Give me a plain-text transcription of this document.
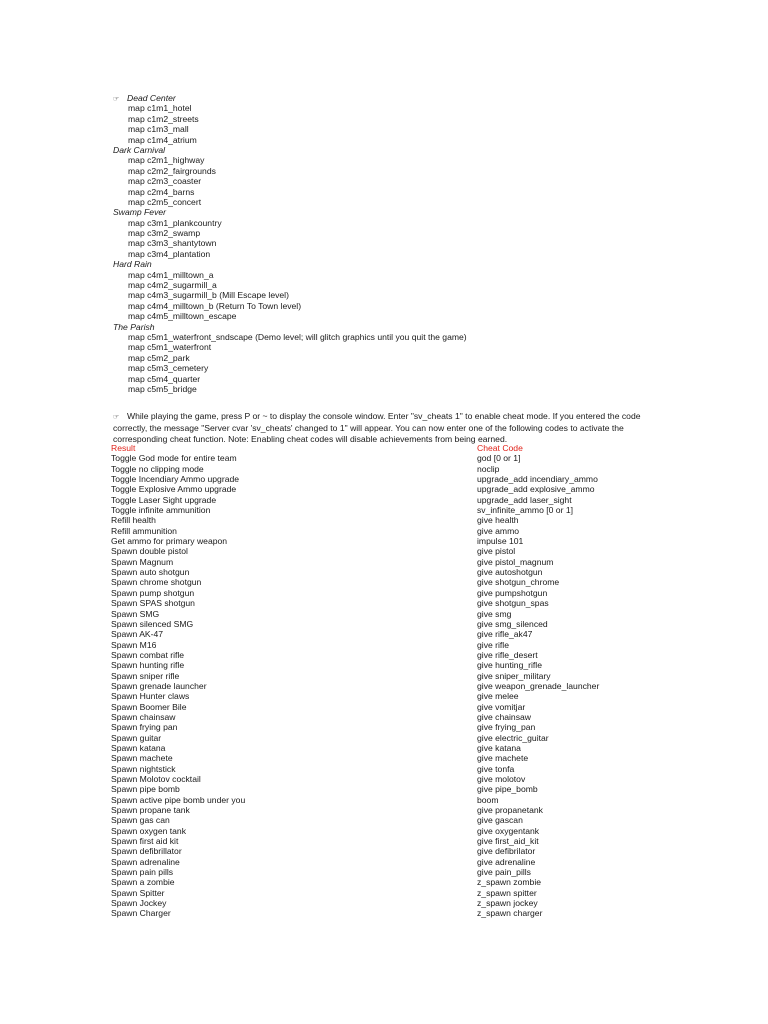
☞ Dead Center
map c1m1_hotel
map c1m2_streets
map c1m3_mall
map c1m4_atrium
Dark Carnival
map c2m1_highway
map c2m2_fairgrounds
map c2m3_coaster
map c2m4_barns
map c2m5_concert
Swamp Fever
map c3m1_plankcountry
map c3m2_swamp
map c3m3_shantytown
map c3m4_plantation
Hard Rain
map c4m1_milltown_a
map c4m2_sugarmill_a
map c4m3_sugarmill_b (Mill Escape level)
map c4m4_milltown_b (Return To Town level)
map c4m5_milltown_escape
The Parish
map c5m1_waterfront_sndscape (Demo level; will glitch graphics until you quit the game)
map c5m1_waterfront
map c5m2_park
map c5m3_cemetery
map c5m4_quarter
map c5m5_bridge
☞ While playing the game, press P or ~ to display the console window. Enter "sv_cheats 1" to enable cheat mode. If you entered the code correctly, the message "Server cvar 'sv_cheats' changed to 1" will appear. You can now enter one of the following codes to activate the corresponding cheat function. Note: Enabling cheat codes will disable achievements from being earned.
Result	Cheat Code
Toggle God mode for entire team	god [0 or 1]
Toggle no clipping mode	noclip
Toggle Incendiary Ammo upgrade	upgrade_add incendiary_ammo
Toggle Explosive Ammo upgrade	upgrade_add explosive_ammo
Toggle Laser Sight upgrade	upgrade_add laser_sight
Toggle infinite ammunition	sv_infinite_ammo [0 or 1]
Refill health	give health
Refill ammunition	give ammo
Get ammo for primary weapon	impulse 101
Spawn double pistol	give pistol
Spawn Magnum	give pistol_magnum
Spawn auto shotgun	give autoshotgun
Spawn chrome shotgun	give shotgun_chrome
Spawn pump shotgun	give pumpshotgun
Spawn SPAS shotgun	give shotgun_spas
Spawn SMG	give smg
Spawn silenced SMG	give smg_silenced
Spawn AK-47	give rifle_ak47
Spawn M16	give rifle
Spawn combat rifle	give rifle_desert
Spawn hunting rifle	give hunting_rifle
Spawn sniper rifle	give sniper_military
Spawn grenade launcher	give weapon_grenade_launcher
Spawn Hunter claws	give melee
Spawn Boomer Bile	give vomitjar
Spawn chainsaw	give chainsaw
Spawn frying pan	give frying_pan
Spawn guitar	give electric_guitar
Spawn katana	give katana
Spawn machete	give machete
Spawn nightstick	give tonfa
Spawn Molotov cocktail	give molotov
Spawn pipe bomb	give pipe_bomb
Spawn active pipe bomb under you	boom
Spawn propane tank	give propanetank
Spawn gas can	give gascan
Spawn oxygen tank	give oxygentank
Spawn first aid kit	give first_aid_kit
Spawn defibrillator	give defibrilator
Spawn adrenaline	give adrenaline
Spawn pain pills	give pain_pills
Spawn a zombie	z_spawn zombie
Spawn Spitter	z_spawn spitter
Spawn Jockey	z_spawn jockey
Spawn Charger	z_spawn charger
